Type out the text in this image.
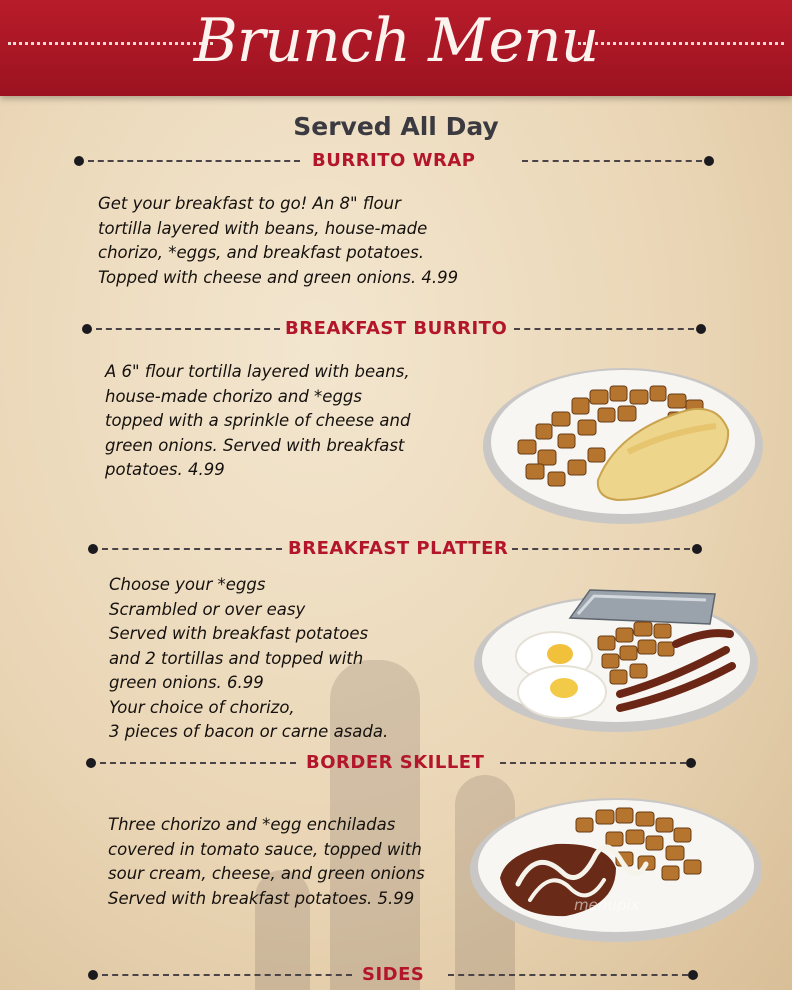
Brunch Menu
Served All Day
BURRITO WRAP
Get your breakfast to go! An 8" flour
tortilla layered with beans, house-made
chorizo, *eggs, and breakfast potatoes.
Topped with cheese and green onions. 4.99
BREAKFAST BURRITO
A 6" flour tortilla layered with beans,
house-made chorizo and *eggs
topped with a sprinkle of cheese and
green onions. Served with breakfast
potatoes. 4.99
BREAKFAST PLATTER
Choose your *eggs
Scrambled or over easy
Served with breakfast potatoes
and 2 tortillas and topped with
green onions. 6.99
Your choice of chorizo,
3 pieces of bacon or carne asada.
BORDER SKILLET
Three chorizo and *egg enchiladas
covered in tomato sauce, topped with
sour cream, cheese, and green onions
Served with breakfast potatoes. 5.99	menupix
SIDES
